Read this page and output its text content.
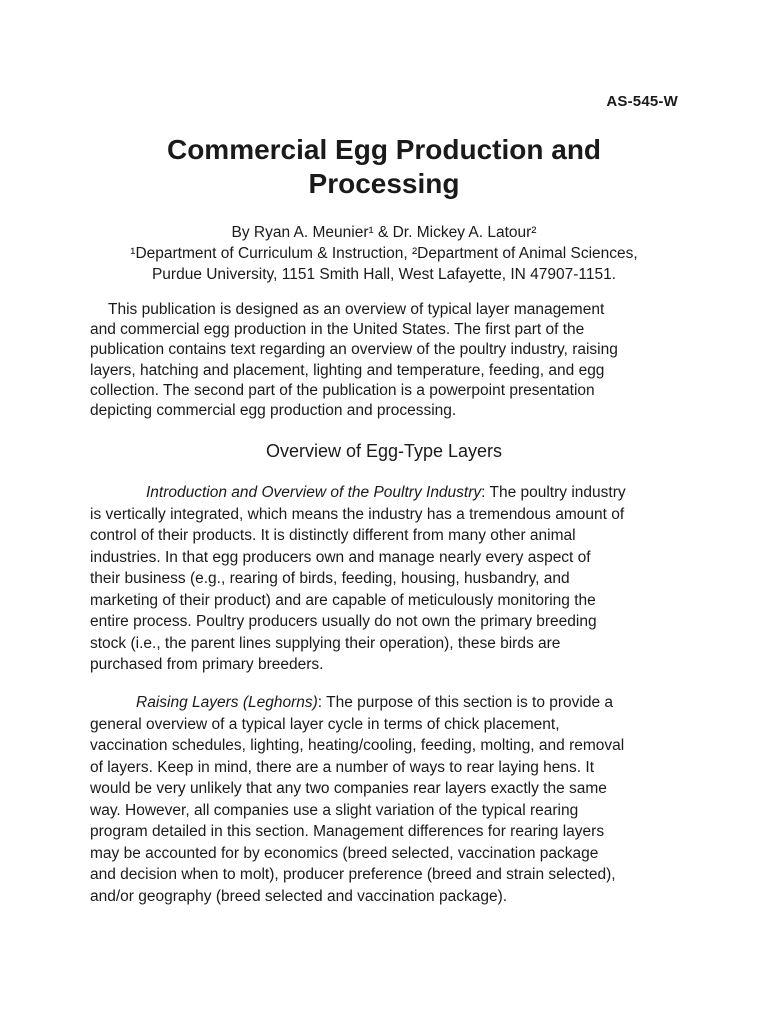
AS-545-W
Commercial Egg Production and
Processing
By Ryan A. Meunier¹ & Dr. Mickey A. Latour²
¹Department of Curriculum & Instruction, ²Department of Animal Sciences,
Purdue University, 1151 Smith Hall, West Lafayette, IN 47907-1151.
This publication is designed as an overview of typical layer management
and commercial egg production in the United States. The first part of the
publication contains text regarding an overview of the poultry industry, raising
layers, hatching and placement, lighting and temperature, feeding, and egg
collection. The second part of the publication is a powerpoint presentation
depicting commercial egg production and processing.
Overview of Egg-Type Layers
Introduction and Overview of the Poultry Industry: The poultry industry
is vertically integrated, which means the industry has a tremendous amount of
control of their products. It is distinctly different from many other animal
industries. In that egg producers own and manage nearly every aspect of
their business (e.g., rearing of birds, feeding, housing, husbandry, and
marketing of their product) and are capable of meticulously monitoring the
entire process. Poultry producers usually do not own the primary breeding
stock (i.e., the parent lines supplying their operation), these birds are
purchased from primary breeders.
Raising Layers (Leghorns): The purpose of this section is to provide a
general overview of a typical layer cycle in terms of chick placement,
vaccination schedules, lighting, heating/cooling, feeding, molting, and removal
of layers. Keep in mind, there are a number of ways to rear laying hens. It
would be very unlikely that any two companies rear layers exactly the same
way. However, all companies use a slight variation of the typical rearing
program detailed in this section. Management differences for rearing layers
may be accounted for by economics (breed selected, vaccination package
and decision when to molt), producer preference (breed and strain selected),
and/or geography (breed selected and vaccination package).
